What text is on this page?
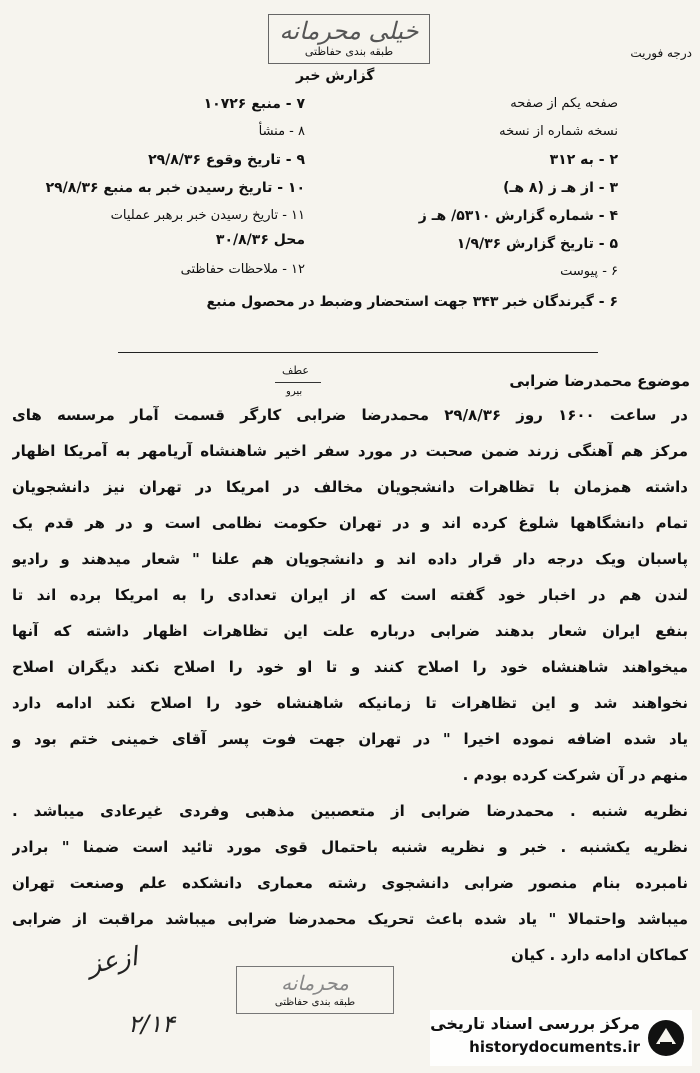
خیلی محرمانه
طبقه بندی حفاظتی
گزارش خبر
درجه فوریت
صفحه یکم از صفحه
نسخه شماره از نسخه
۲ - به ۳۱۲
۳ - از هـ ز (۸ هـ)
۴ - شماره گزارش ۵۳۱۰/ هـ ز
۵ - تاریخ گزارش ۱/۹/۳۶
۶ - پیوست
۷ - منبع ۱۰۷۲۶
۸ - منشأ
۹ - تاریخ وقوع ۲۹/۸/۳۶
۱۰ - تاریخ رسیدن خبر به منبع ۲۹/۸/۳۶
۱۱ - تاریخ رسیدن خبر برهبر عملیات
محل ۳۰/۸/۳۶
۱۲ - ملاحظات حفاظتی
۶ - گیرندگان خبر ۳۴۳ جهت استحضار وضبط در محصول منبع
عطف
بیرو
موضوع محمدرضا ضرابی
در ساعت ۱۶۰۰ روز ۲۹/۸/۳۶ محمدرضا ضرابی کارگر قسمت آمار مرسسه های
مرکز هم آهنگی زرند ضمن صحبت در مورد سفر اخیر شاهنشاه آریامهر به آمریکا اظهار
داشته همزمان با تظاهرات دانشجویان مخالف در امریکا در تهران نیز دانشجویان
تمام دانشگاهها شلوغ کرده اند و در تهران حکومت نظامی است و در هر قدم یک
پاسبان ویک درجه دار قرار داده اند و دانشجویان هم علنا " شعار میدهند و رادیو
لندن هم در اخبار خود گفته است که از ایران تعدادی را به امریکا برده اند تا
بنفع ایران شعار بدهند ضرابی درباره علت این تظاهرات اظهار داشته که آنها
میخواهند شاهنشاه خود را اصلاح کنند و تا او خود را اصلاح نکند دیگران اصلاح
نخواهند شد و این تظاهرات تا زمانیکه شاهنشاه خود را اصلاح نکند ادامه دارد
یاد شده اضافه نموده اخیرا " در تهران جهت فوت پسر آقای خمینی ختم بود و
منهم در آن شرکت کرده بودم .
نظریه شنبه . محمدرضا ضرابی از متعصبین مذهبی وفردی غیرعادی میباشد .
نظریه یکشنبه . خبر و نظریه شنبه باحتمال قوی مورد تائید است ضمنا " برادر
نامبرده بنام منصور ضرابی دانشجوی رشته معماری دانشکده علم وصنعت تهران
میباشد واحتمالا " یاد شده باعث تحریک محمدرضا ضرابی میباشد مراقبت از ضرابی
کماکان ادامه دارد . کیان
ازعز
۲/۱۴
محرمانه
طبقه بندی حفاظتی
مرکز بررسی اسناد تاریخی
historydocuments.ir
